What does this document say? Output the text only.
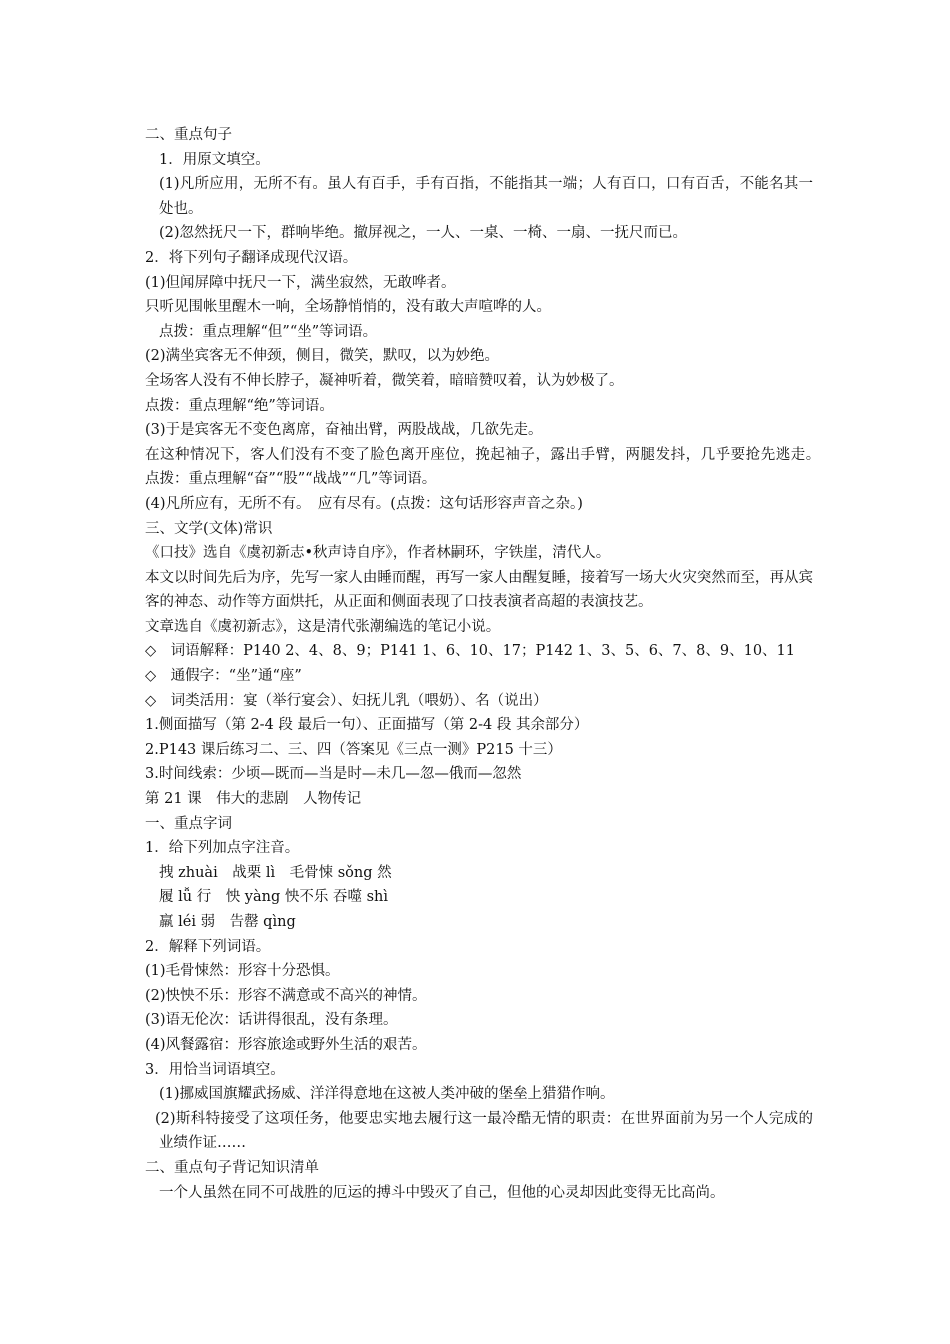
二、重点句子
1．用原文填空。
(1)凡所应用，无所不有。虽人有百手，手有百指，不能指其一端；人有百口，口有百舌，不能名其一处也。
(2)忽然抚尺一下，群响毕绝。撤屏视之，一人、一桌、一椅、一扇、一抚尺而已。
2．将下列句子翻译成现代汉语。
(1)但闻屏障中抚尺一下，满坐寂然，无敢哗者。
只听见围帐里醒木一响，全场静悄悄的，没有敢大声喧哗的人。
点拨：重点理解“但”“坐”等词语。
(2)满坐宾客无不伸颈，侧目，微笑，默叹，以为妙绝。
全场客人没有不伸长脖子，凝神听着，微笑着，暗暗赞叹着，认为妙极了。
点拨：重点理解“绝”等词语。
(3)于是宾客无不变色离席，奋袖出臂，两股战战，几欲先走。
在这种情况下，客人们没有不变了脸色离开座位，挽起袖子，露出手臂，两腿发抖，几乎要抢先逃走。　　　　　点拨：重点理解“奋”“股”“战战”“几”等词语。
(4)凡所应有，无所不有。　应有尽有。(点拨：这句话形容声音之杂。)
三、文学(文体)常识
《口技》选自《虞初新志•秋声诗自序》，作者林嗣环，字铁崖，清代人。
本文以时间先后为序，先写一家人由睡而醒，再写一家人由醒复睡，接着写一场大火灾突然而至，再从宾客的神态、动作等方面烘托，从正面和侧面表现了口技表演者高超的表演技艺。
文章选自《虞初新志》，这是清代张潮编选的笔记小说。
◇　词语解释：P140 2、4、8、9；P141 1、6、10、17；P142 1、3、5、6、7、8、9、10、11
◇　通假字：“坐”通“座”
◇　词类活用：宴（举行宴会）、妇抚儿乳（喂奶）、名（说出）
1.侧面描写（第 2-4 段 最后一句）、正面描写（第 2-4 段 其余部分）
2.P143 课后练习二、三、四（答案见《三点一测》P215 十三）
3.时间线索：少顷—既而—当是时—未几—忽—俄而—忽然
第 21 课　伟大的悲剧　人物传记
一、重点字词
1．给下列加点字注音。
拽 zhuài　战栗 lì　毛骨悚 sǒng 然
履 lǚ 行　怏 yàng 怏不乐 吞噬 shì
羸 léi 弱　告罄 qìng
2．解释下列词语。
(1)毛骨悚然：形容十分恐惧。
(2)怏怏不乐：形容不满意或不高兴的神情。
(3)语无伦次：话讲得很乱，没有条理。
(4)风餐露宿：形容旅途或野外生活的艰苦。
3．用恰当词语填空。
(1)挪威国旗耀武扬威、洋洋得意地在这被人类冲破的堡垒上猎猎作响。
(2)斯科特接受了这项任务，他要忠实地去履行这一最冷酷无情的职责：在世界面前为另一个人完成的业绩作证……
二、重点句子背记知识清单
一个人虽然在同不可战胜的厄运的搏斗中毁灭了自己，但他的心灵却因此变得无比高尚。
